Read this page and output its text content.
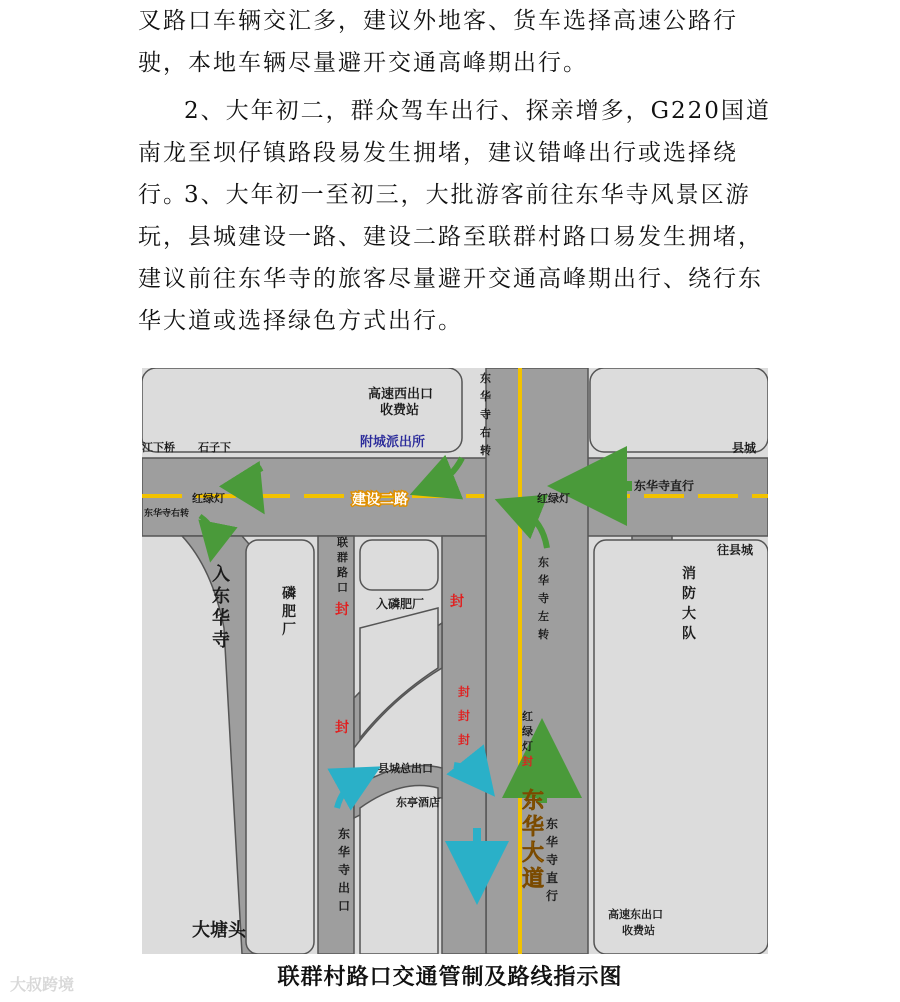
叉路口车辆交汇多，建议外地客、货车选择高速公路行驶，本地车辆尽量避开交通高峰期出行。

2、大年初二，群众驾车出行、探亲增多，G220国道南龙至坝仔镇路段易发生拥堵，建议错峰出行或选择绕行。

3、大年初一至初三，大批游客前往东华寺风景区游玩，县城建设一路、建设二路至联群村路口易发生拥堵，建议前往东华寺的旅客尽量避开交通高峰期出行、绕行东华大道或选择绿色方式出行。

高速西出口
收费站
附城派出所
江下桥 石子下	县城
东华寺直行
红绿灯	红绿灯
建设二路
东华寺右转
往县城
入磷肥厂
县城总出口
东亭酒店
大塘头
高速东出口
收费站
入东华寺
磷肥厂
联群路口
封	封
封
封
封
封
东华寺右转
东华寺左转
红绿灯
封
东华大道
东华寺直行
东华寺出口
消防大队
联群村路口交通管制及路线指示图
大叔跨境
